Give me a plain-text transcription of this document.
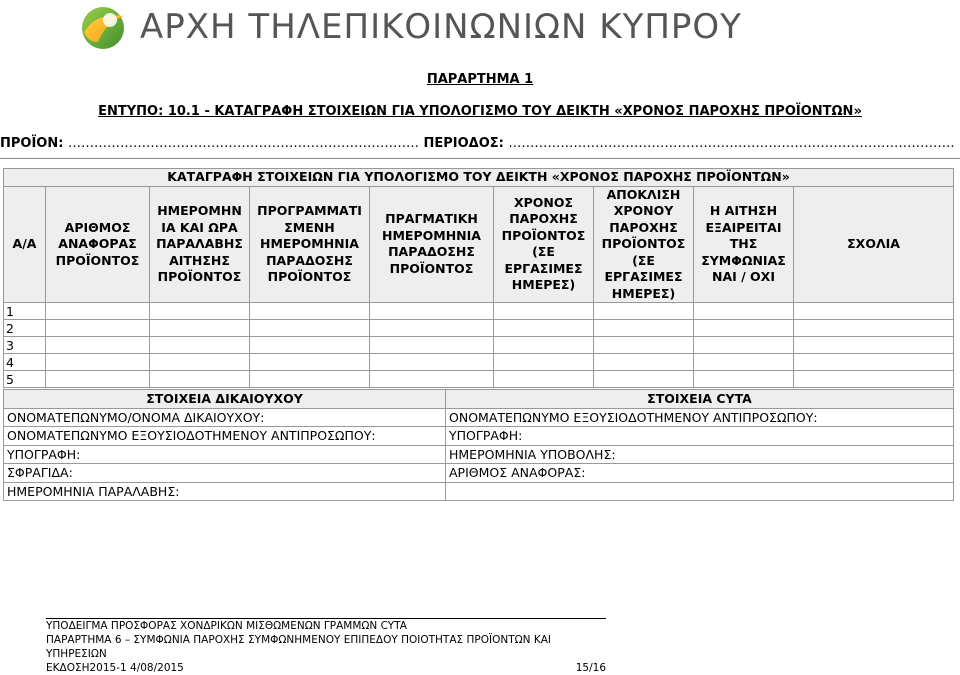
ΑΡΧΗ ΤΗΛΕΠΙΚΟΙΝΩΝΙΩΝ ΚΥΠΡΟΥ
ΠΑΡΑΡΤΗΜΑ 1
ΕΝΤΥΠΟ: 10.1 - ΚΑΤΑΓΡΑΦΗ ΣΤΟΙΧΕΙΩΝ ΓΙΑ ΥΠΟΛΟΓΙΣΜΟ ΤΟΥ ΔΕΙΚΤΗ «ΧΡΟΝΟΣ ΠΑΡΟΧΗΣ ΠΡΟΪΟΝΤΩΝ»
ΠΡΟΪΟΝ: ……………………………………………………………………… ΠΕΡΙΟΔΟΣ: ………………………………………………………………………………………….
ΚΑΤΑΓΡΑΦΗ ΣΤΟΙΧΕΙΩΝ ΓΙΑ ΥΠΟΛΟΓΙΣΜΟ ΤΟΥ ΔΕΙΚΤΗ «ΧΡΟΝΟΣ ΠΑΡΟΧΗΣ ΠΡΟΪΟΝΤΩΝ»								
Α/Α	ΑΡΙΘΜΟΣ ΑΝΑΦΟΡΑΣ ΠΡΟΪΟΝΤΟΣ	ΗΜΕΡΟΜΗΝ ΙΑ ΚΑΙ ΩΡΑ ΠΑΡΑΛΑΒΗΣ ΑΙΤΗΣΗΣ ΠΡΟΪΟΝΤΟΣ	ΠΡΟΓΡΑΜΜΑΤΙ ΣΜΕΝΗ ΗΜΕΡΟΜΗΝΙΑ ΠΑΡΑΔΟΣΗΣ ΠΡΟΪΟΝΤΟΣ	ΠΡΑΓΜΑΤΙΚΗ ΗΜΕΡΟΜΗΝΙΑ ΠΑΡΑΔΟΣΗΣ ΠΡΟΪΟΝΤΟΣ	ΧΡΟΝΟΣ ΠΑΡΟΧΗΣ ΠΡΟΪΟΝΤΟΣ (ΣΕ ΕΡΓΑΣΙΜΕΣ ΗΜΕΡΕΣ)	ΑΠΟΚΛΙΣΗ ΧΡΟΝΟΥ ΠΑΡΟΧΗΣ ΠΡΟΪΟΝΤΟΣ (ΣΕ ΕΡΓΑΣΙΜΕΣ ΗΜΕΡΕΣ)	Η ΑΙΤΗΣΗ ΕΞΑΙΡΕΙΤΑΙ ΤΗΣ ΣΥΜΦΩΝΙΑΣ ΝΑΙ / ΟΧΙ	ΣΧΟΛΙΑ
1								
2								
3								
4								
5								
ΣΤΟΙΧΕΙΑ ΔΙΚΑΙΟΥΧΟΥ	ΣΤΟΙΧΕΙΑ CYTA
ΟΝΟΜΑΤΕΠΩΝΥΜΟ/ΟΝΟΜΑ ΔΙΚΑΙΟΥΧΟΥ:	ΟΝΟΜΑΤΕΠΩΝΥΜΟ ΕΞΟΥΣΙΟΔΟΤΗΜΕΝΟΥ ΑΝΤΙΠΡΟΣΩΠΟΥ:
ΟΝΟΜΑΤΕΠΩΝΥΜΟ ΕΞΟΥΣΙΟΔΟΤΗΜΕΝΟΥ ΑΝΤΙΠΡΟΣΩΠΟΥ:	ΥΠΟΓΡΑΦΗ:
ΥΠΟΓΡΑΦΗ:	ΗΜΕΡΟΜΗΝΙΑ ΥΠΟΒΟΛΗΣ:
ΣΦΡΑΓΙΔΑ:	ΑΡΙΘΜΟΣ ΑΝΑΦΟΡΑΣ:
ΗΜΕΡΟΜΗΝΙΑ ΠΑΡΑΛΑΒΗΣ:	
ΥΠΟΔΕΙΓΜΑ ΠΡΟΣΦΟΡΑΣ ΧΟΝΔΡΙΚΩΝ ΜΙΣΘΩΜΕΝΩΝ ΓΡΑΜΜΩΝ CYTA
ΠΑΡΑΡΤΗΜΑ 6 – ΣΥΜΦΩΝΙΑ ΠΑΡΟΧΗΣ ΣΥΜΦΩΝΗΜΕΝΟΥ ΕΠΙΠΕΔΟΥ ΠΟΙΟΤΗΤΑΣ ΠΡΟΪΟΝΤΩΝ ΚΑΙ ΥΠΗΡΕΣΙΩΝ
ΕΚΔΟΣΗ2015-1 4/08/2015	15/16
